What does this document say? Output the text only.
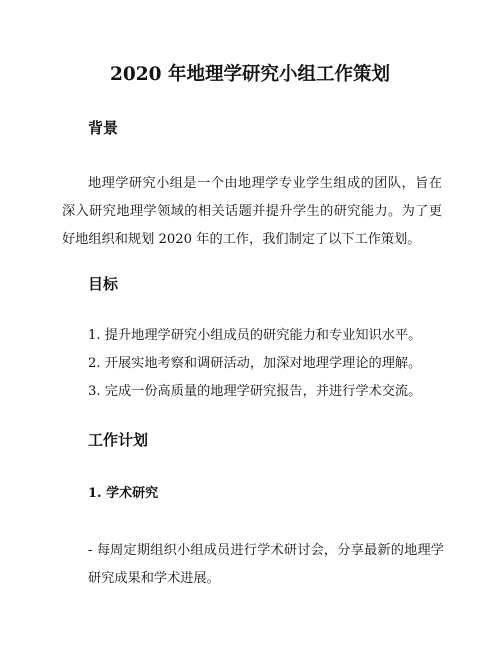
2020 年地理学研究小组工作策划
背景

地理学研究小组是一个由地理学专业学生组成的团队，旨在深入研究地理学领域的相关话题并提升学生的研究能力。为了更好地组织和规划 2020 年的工作，我们制定了以下工作策划。

目标
1. 提升地理学研究小组成员的研究能力和专业知识水平。
2. 开展实地考察和调研活动，加深对地理学理论的理解。
3. 完成一份高质量的地理学研究报告，并进行学术交流。
工作计划
1. 学术研究

- 每周定期组织小组成员进行学术研讨会，分享最新的地理学研究成果和学术进展。
